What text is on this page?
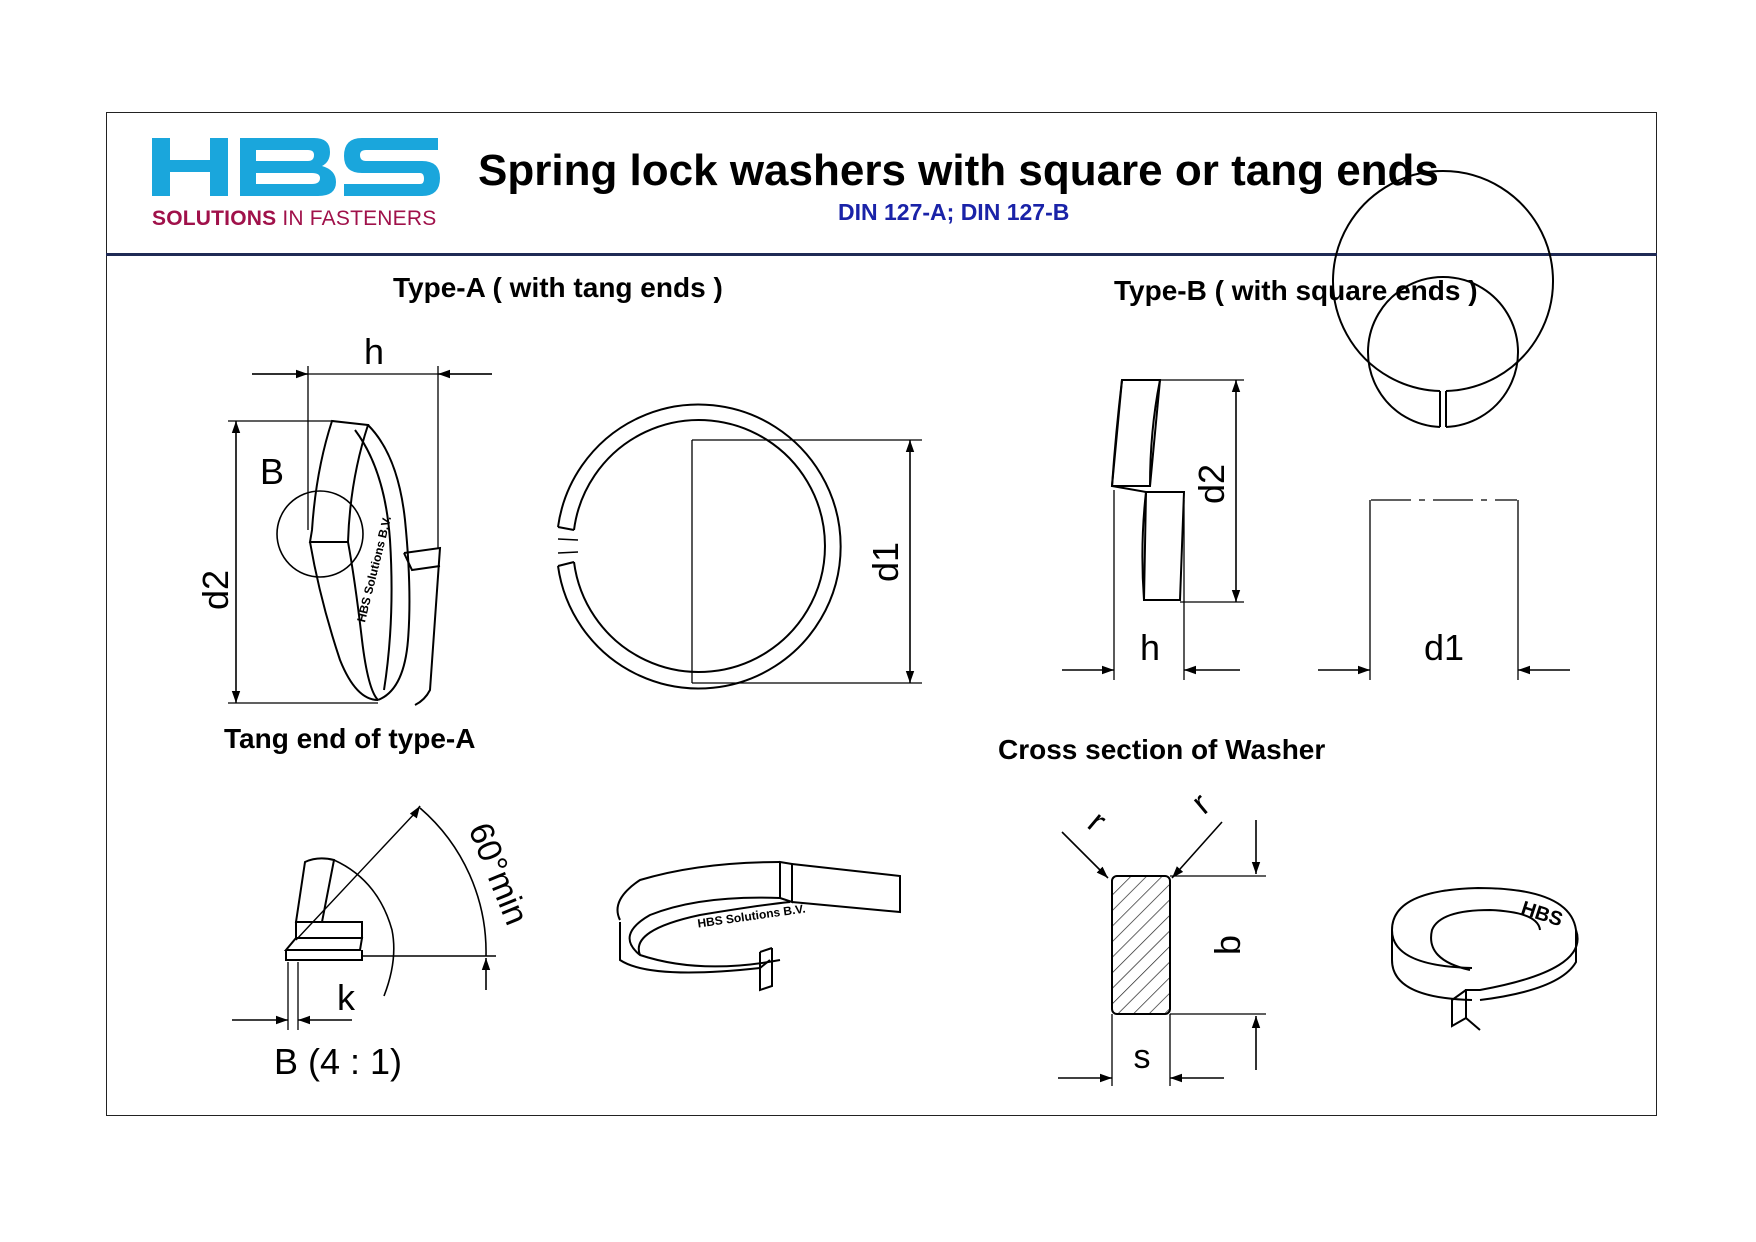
h
B
d2
d1
HBS Solutions B.V.
d2
h	d1
60°min
k
B (4 : 1)
HBS Solutions B.V.
r r
b
s
HBS
SOLUTIONS IN FASTENERS
Spring lock washers with square or tang ends
DIN 127-A; DIN 127-B
Type-A ( with tang ends )	Type-B ( with square ends )
Tang end of type-A	Cross section of Washer
